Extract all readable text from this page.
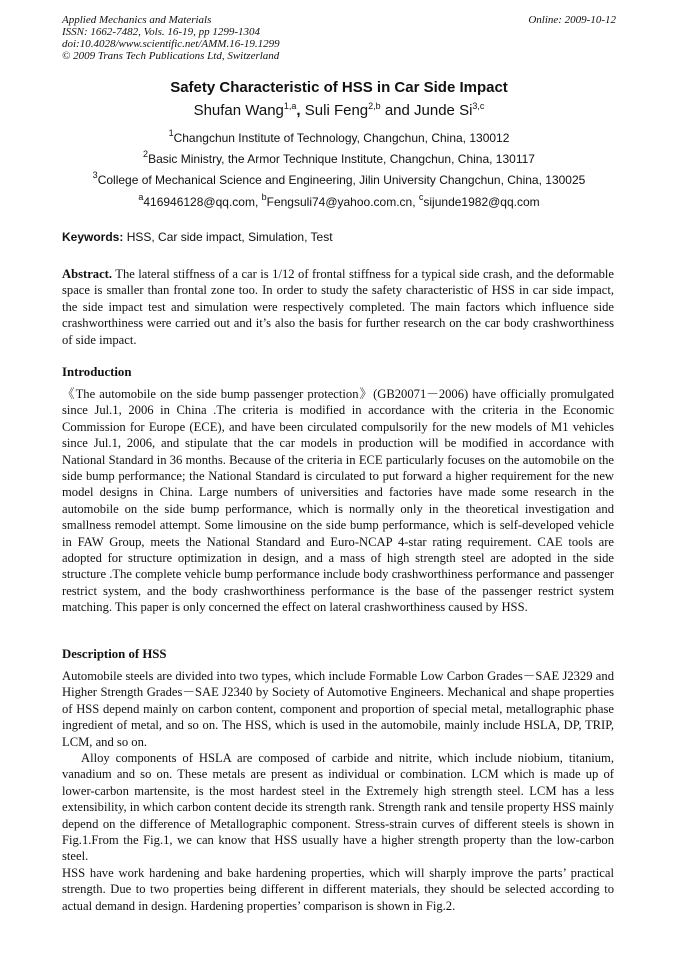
Applied Mechanics and Materials
ISSN: 1662-7482, Vols. 16-19, pp 1299-1304
doi:10.4028/www.scientific.net/AMM.16-19.1299
© 2009 Trans Tech Publications Ltd, Switzerland
Online: 2009-10-12
Safety Characteristic of HSS in Car Side Impact
Shufan Wang$^{1,a}$, Suli Feng$^{2,b}$ and Junde Si$^{3,c}$
$^1$Changchun Institute of Technology, Changchun, China, 130012
$^2$Basic Ministry, the Armor Technique Institute, Changchun, China, 130117
$^3$College of Mechanical Science and Engineering, Jilin University Changchun, China, 130025
$^a$416946128@qq.com, $^b$Fengsuli74@yahoo.com.cn, $^c$sijunde1982@qq.com
Keywords: HSS, Car side impact, Simulation, Test

Abstract. The lateral stiffness of a car is 1/12 of frontal stiffness for a typical side crash, and the deformable space is smaller than frontal zone too. In order to study the safety characteristic of HSS in car side impact, the side impact test and simulation were respectively completed. The main factors which influence side crashworthiness were carried out and it’s also the basis for further research on the car body crashworthiness of side impact.

Introduction

《The automobile on the side bump passenger protection》(GB20071－2006) have officially promulgated since Jul.1, 2006 in China .The criteria is modified in accordance with the criteria in the Economic Commission for Europe (ECE), and have been circulated compulsorily for the new models of M1 vehicles since Jul.1, 2006, and stipulate that the car models in production will be modified in accordance with National Standard in 36 months. Because of the criteria in ECE particularly focuses on the automobile on the side bump performance; the National Standard is circulated to put forward a higher requirement for the new model designs in China. Large numbers of universities and factories have made some research in the automobile on the side bump performance, which is normally only in the theoretical investigation and smallness remodel attempt. Some limousine on the side bump performance, which is self-developed vehicle in FAW Group, meets the National Standard and Euro-NCAP 4-star rating requirement. CAE tools are adopted for structure optimization in design, and a mass of high strength steel are adopted in the side structure .The complete vehicle bump performance include body crashworthiness performance and passenger restrict system, and the body crashworthiness performance is the base of the passenger restrict system matching. This paper is only concerned the effect on lateral crashworthiness caused by HSS.

Description of HSS

Automobile steels are divided into two types, which include Formable Low Carbon Grades－SAE J2329 and Higher Strength Grades－SAE J2340 by Society of Automotive Engineers. Mechanical and shape properties of HSS depend mainly on carbon content, component and proportion of special metal, metallographic phase ingredient of metal, and so on. The HSS, which is used in the automobile, mainly include HSLA, DP, TRIP, LCM, and so on.

Alloy components of HSLA are composed of carbide and nitrite, which include niobium, titanium, vanadium and so on. These metals are present as individual or combination. LCM which is made up of lower-carbon martensite, is the most hardest steel in the Extremely high strength steel. LCM has a less extensibility, in which carbon content decide its strength rank. Strength rank and tensile property HSS mainly depend on the difference of Metallographic component. Stress-strain curves of different steels is shown in Fig.1.From the Fig.1, we can know that HSS usually have a higher strength property than the low-carbon steel.

HSS have work hardening and bake hardening properties, which will sharply improve the parts’ practical strength. Due to two properties being different in different materials, they should be selected according to actual demand in design. Hardening properties’ comparison is shown in Fig.2.
